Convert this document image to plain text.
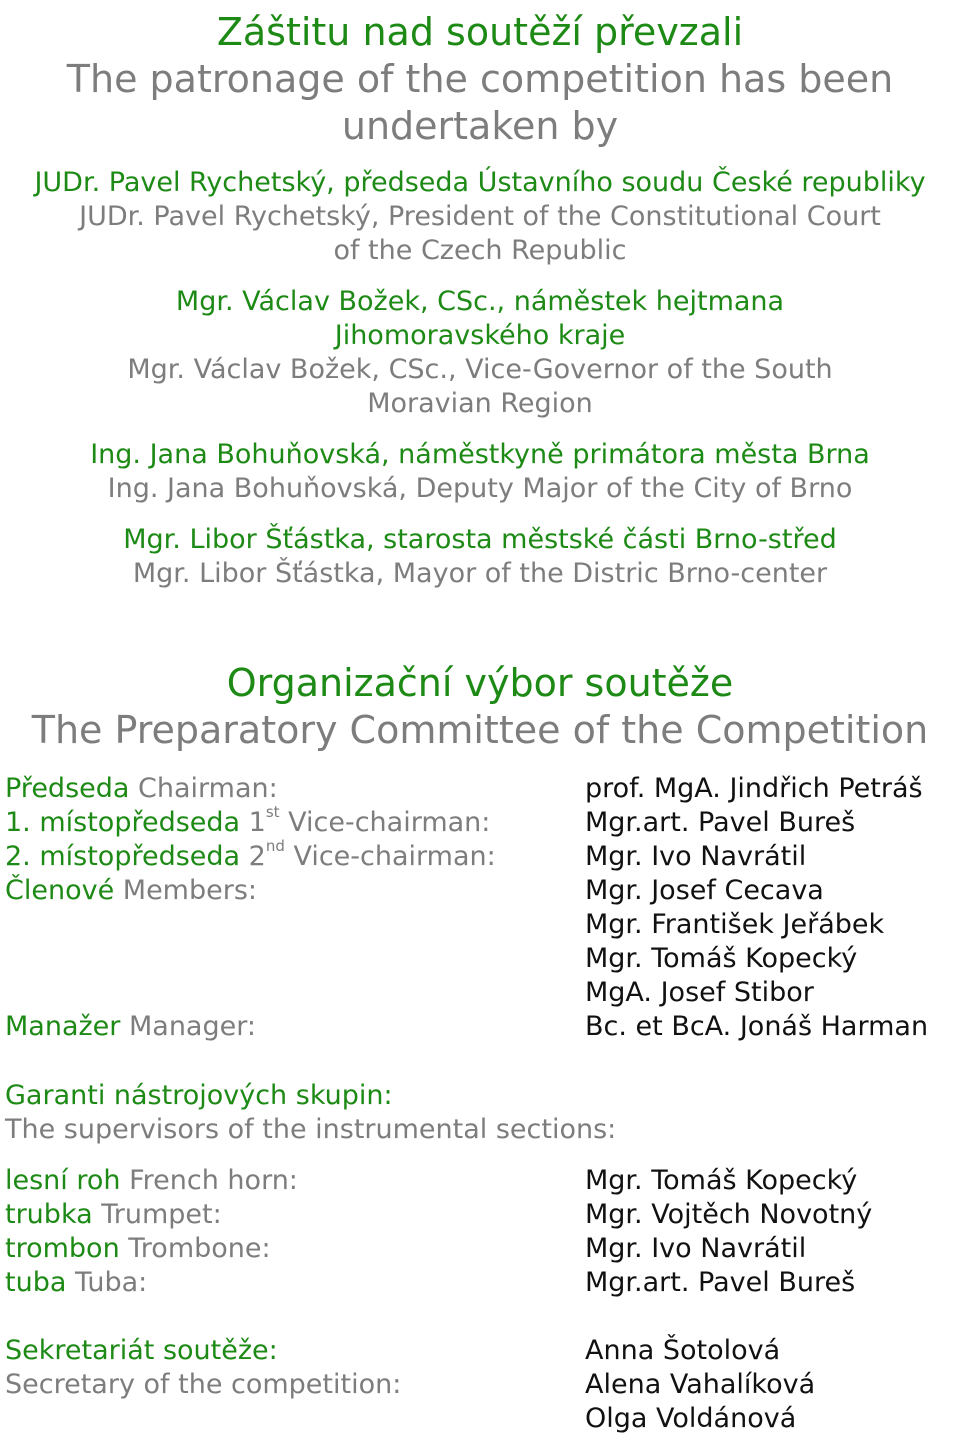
Záštitu nad soutěží převzali
The patronage of the competition has been
undertaken by
JUDr. Pavel Rychetský, předseda Ústavního soudu České republiky
JUDr. Pavel Rychetský, President of the Constitutional Court
of the Czech Republic
Mgr. Václav Božek, CSc., náměstek hejtmana
Jihomoravského kraje
Mgr. Václav Božek, CSc., Vice-Governor of the South
Moravian Region
Ing. Jana Bohuňovská, náměstkyně primátora města Brna
Ing. Jana Bohuňovská, Deputy Major of the City of Brno
Mgr. Libor Šťástka, starosta městské části Brno-střed
Mgr. Libor Šťástka, Mayor of the Distric Brno-center
Organizační výbor soutěže
The Preparatory Committee of the Competition
Předseda Chairman:
1. místopředseda 1st Vice-chairman:
2. místopředseda 2nd Vice-chairman:
Členové Members:
Manažer Manager:
prof. MgA. Jindřich Petráš
Mgr.art. Pavel Bureš
Mgr. Ivo Navrátil
Mgr. Josef Cecava
Mgr. František Jeřábek
Mgr. Tomáš Kopecký
MgA. Josef Stibor
Bc. et BcA. Jonáš Harman
Garanti nástrojových skupin:
The supervisors of the instrumental sections:
lesní roh French horn:
trubka Trumpet:
trombon Trombone:
tuba Tuba:
Mgr. Tomáš Kopecký
Mgr. Vojtěch Novotný
Mgr. Ivo Navrátil
Mgr.art. Pavel Bureš
Sekretariát soutěže:
Secretary of the competition:
Anna Šotolová
Alena Vahalíková
Olga Voldánová
